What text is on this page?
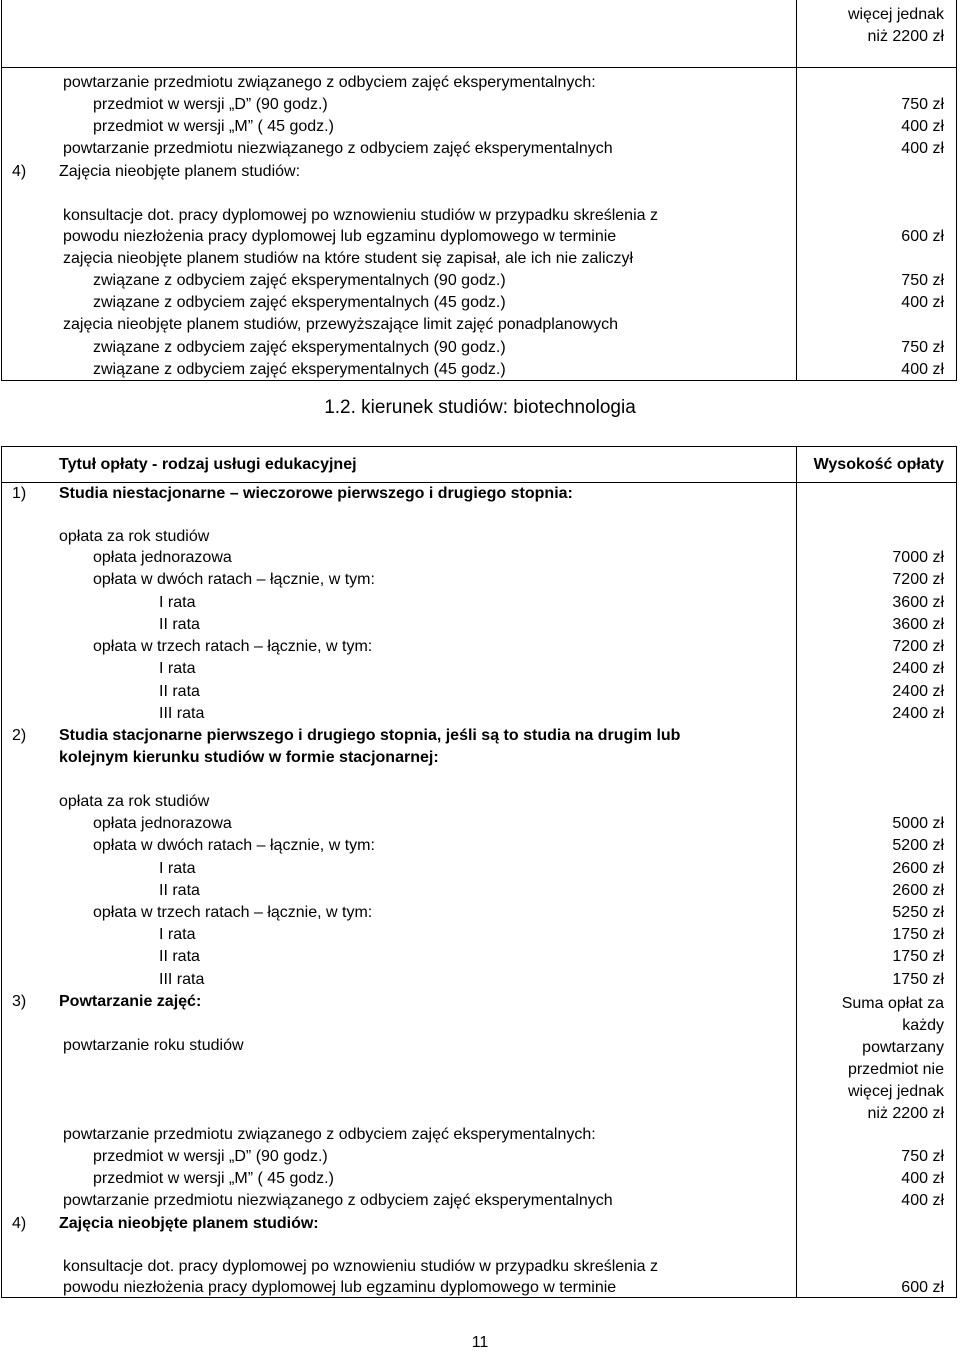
więcej jednak
niż 2200 zł
powtarzanie przedmiotu związanego z odbyciem zajęć eksperymentalnych:
przedmiot w wersji „D” (90 godz.)	750 zł
przedmiot w wersji „M” ( 45 godz.)	400 zł
powtarzanie przedmiotu niezwiązanego z odbyciem zajęć eksperymentalnych	400 zł
4) Zajęcia nieobjęte planem studiów:
konsultacje dot. pracy dyplomowej po wznowieniu studiów w przypadku skreślenia z
powodu niezłożenia pracy dyplomowej lub egzaminu dyplomowego w terminie	600 zł
zajęcia nieobjęte planem studiów na które student się zapisał, ale ich nie zaliczył
związane z odbyciem zajęć eksperymentalnych (90 godz.)	750 zł
związane z odbyciem zajęć eksperymentalnych (45 godz.)	400 zł
zajęcia nieobjęte planem studiów, przewyższające limit zajęć ponadplanowych
związane z odbyciem zajęć eksperymentalnych (90 godz.)	750 zł
związane z odbyciem zajęć eksperymentalnych (45 godz.)	400 zł
1.2. kierunek studiów: biotechnologia
Tytuł opłaty - rodzaj usługi edukacyjnej	Wysokość opłaty
1) Studia niestacjonarne – wieczorowe pierwszego i drugiego stopnia:
opłata za rok studiów
opłata jednorazowa	7000 zł
opłata w dwóch ratach – łącznie, w tym:	7200 zł
I rata	3600 zł
II rata	3600 zł
opłata w trzech ratach – łącznie, w tym:	7200 zł
I rata	2400 zł
II rata	2400 zł
III rata	2400 zł
2) Studia stacjonarne pierwszego i drugiego stopnia, jeśli są to studia na drugim lub
kolejnym kierunku studiów w formie stacjonarnej:
opłata za rok studiów
opłata jednorazowa	5000 zł
opłata w dwóch ratach – łącznie, w tym:	5200 zł
I rata	2600 zł
II rata	2600 zł
opłata w trzech ratach – łącznie, w tym:	5250 zł
I rata	1750 zł
II rata	1750 zł
III rata	1750 zł
3) Powtarzanie zajęć:	Suma opłat za
każdy
powtarzany
przedmiot nie
więcej jednak
niż 2200 zł
powtarzanie roku studiów
powtarzanie przedmiotu związanego z odbyciem zajęć eksperymentalnych:
przedmiot w wersji „D” (90 godz.)	750 zł
przedmiot w wersji „M” ( 45 godz.)	400 zł
powtarzanie przedmiotu niezwiązanego z odbyciem zajęć eksperymentalnych	400 zł
4) Zajęcia nieobjęte planem studiów:
konsultacje dot. pracy dyplomowej po wznowieniu studiów w przypadku skreślenia z
powodu niezłożenia pracy dyplomowej lub egzaminu dyplomowego w terminie	600 zł
11
